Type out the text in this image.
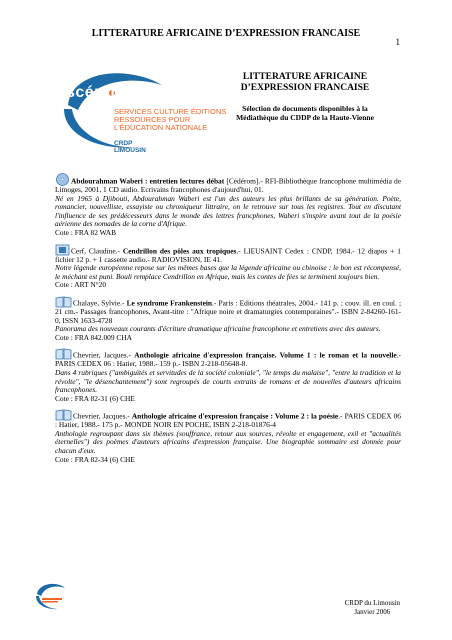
LITTERATURE AFRICAINE D’EXPRESSION FRANCAISE
1
scérén
SERVICES CULTURE ÉDITIONS
RESSOURCES POUR
L'ÉDUCATION NATIONALE
CRDP
LIMOUSIN
LITTERATURE AFRICAINE
D’EXPRESSION FRANCAISE
Sélection de documents disponibles à la
Médiathèque du CDDP de la Haute-Vienne
Abdourahman Waberi : entretien lectures débat [Cédérom].- RFI-Bibliothèque francophone multimédia de Limoges, 2001, 1 CD audio. Ecrivains francophones d'aujourd'hui, 01.
Né en 1965 à Djibouti, Abdourahman Waberi est l'un des auteurs les plus brillants de sa génération. Poète, romancier, nouvelliste, essayiste ou chroniqueur littraire, on le retrouve sur tous les registres. Tout en discutant l'influence de ses prédécesseurs dans le monde des lettres francphones, Waberi s'inspire avant tout de la poésie aérienne des nomades de la corne d'Afrique.
Cote : FRA 82 WAB
Cerf, Claudine.- Cendrillon des pôles aux tropiques.- LIEUSAINT Cedex : CNDP, 1984.- 12 diapos + 1 fichier 12 p. + 1 cassette audio.- RADIOVISION, IE 41.
Notre légende européenne repose sur les mêmes bases que la légende africaine ou chinoise : le bon est récompensé, le méchant est puni. Bouli remplace Cendrillon en Afrique, mais les contes de fées se terminent toujours bien.
Cote : ART N°20
Chalaye, Sylvie.- Le syndrome Frankenstein.- Paris : Editions théatrales, 2004.- 141 p. ; couv. ill. en coul. ; 21 cm.- Passages francophones, Avant-titre : "Afrique noire et dramaturgies contemporaines".- ISBN 2-84260-161-0, ISSN 1633-4728
Panorama des nouveaux courants d'écriture dramatique africaine francophone et entretiens avec des auteurs.
Cote : FRA 842.009 CHA
Chevrier, Jacques.- Anthologie africaine d'expression française. Volume 1 : le roman et la nouvelle.- PARIS CEDEX 06 : Hatier, 1988.- 159 p.- ISBN 2-218-05648-8.
Dans 4 rubriques ("ambiguïtés et servitudes de la société coloniale", "le temps du malaise", "entre la tradition et la révolte", "le désenchantement") sont regroupés de courts extraits de romans et de nouvelles d'auteurs africains francophones.
Cote : FRA 82-31 (6) CHE
Chevrier, Jacques.- Anthologie africaine d'expression française : Volume 2 : la poésie.- PARIS CEDEX 06 : Hatier, 1988.- 175 p.- MONDE NOIR EN POCHE, ISBN 2-218-01876-4
Anthologie regroupant dans six thèmes (souffrance, retour aux sources, révolte et engagement, exil et "actualités éternelles") des poèmes d'auteurs africains d'expression française. Une biographie sommaire est donnée pour chacun d'eux.
Cote : FRA 82-34 (6) CHE
CRDP du Limousin
Janvier 2006
